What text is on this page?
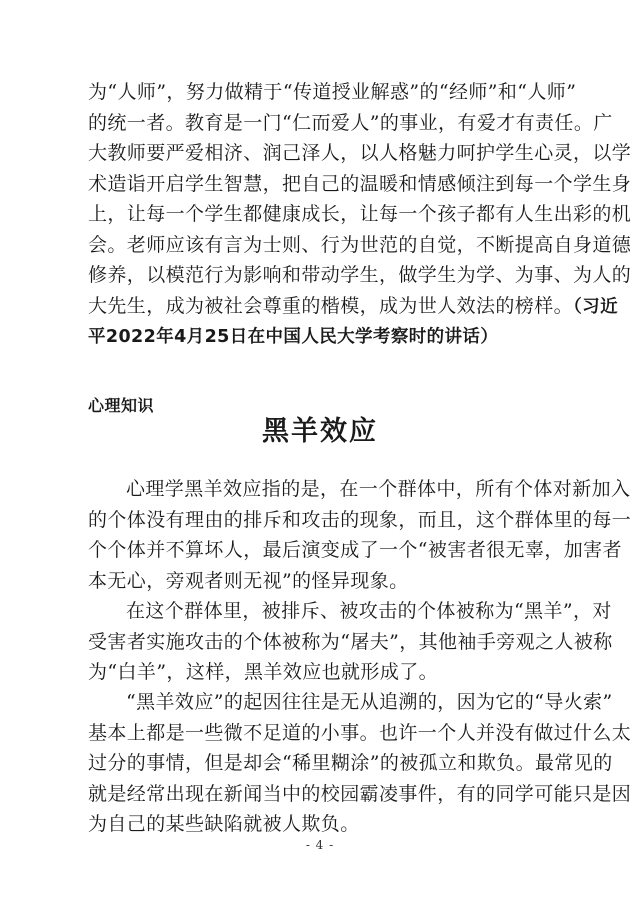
为“人师”，努力做精于“传道授业解惑”的“经师”和“人师”
的统一者。教育是一门“仁而爱人”的事业，有爱才有责任。广
大教师要严爱相济、润己泽人，以人格魅力呵护学生心灵，以学
术造诣开启学生智慧，把自己的温暖和情感倾注到每一个学生身
上，让每一个学生都健康成长，让每一个孩子都有人生出彩的机
会。老师应该有言为士则、行为世范的自觉，不断提高自身道德
修养，以模范行为影响和带动学生，做学生为学、为事、为人的
大先生，成为被社会尊重的楷模，成为世人效法的榜样。（习近
平2022年4月25日在中国人民大学考察时的讲话）
心理知识
黑羊效应
心理学黑羊效应指的是，在一个群体中，所有个体对新加入
的个体没有理由的排斥和攻击的现象，而且，这个群体里的每一
个个体并不算坏人，最后演变成了一个“被害者很无辜，加害者
本无心，旁观者则无视”的怪异现象。
在这个群体里，被排斥、被攻击的个体被称为“黑羊”，对
受害者实施攻击的个体被称为“屠夫”，其他袖手旁观之人被称
为“白羊”，这样，黑羊效应也就形成了。
“黑羊效应”的起因往往是无从追溯的，因为它的“导火索”
基本上都是一些微不足道的小事。也许一个人并没有做过什么太
过分的事情，但是却会“稀里糊涂”的被孤立和欺负。最常见的
就是经常出现在新闻当中的校园霸凌事件，有的同学可能只是因
为自己的某些缺陷就被人欺负。
- 4 -
